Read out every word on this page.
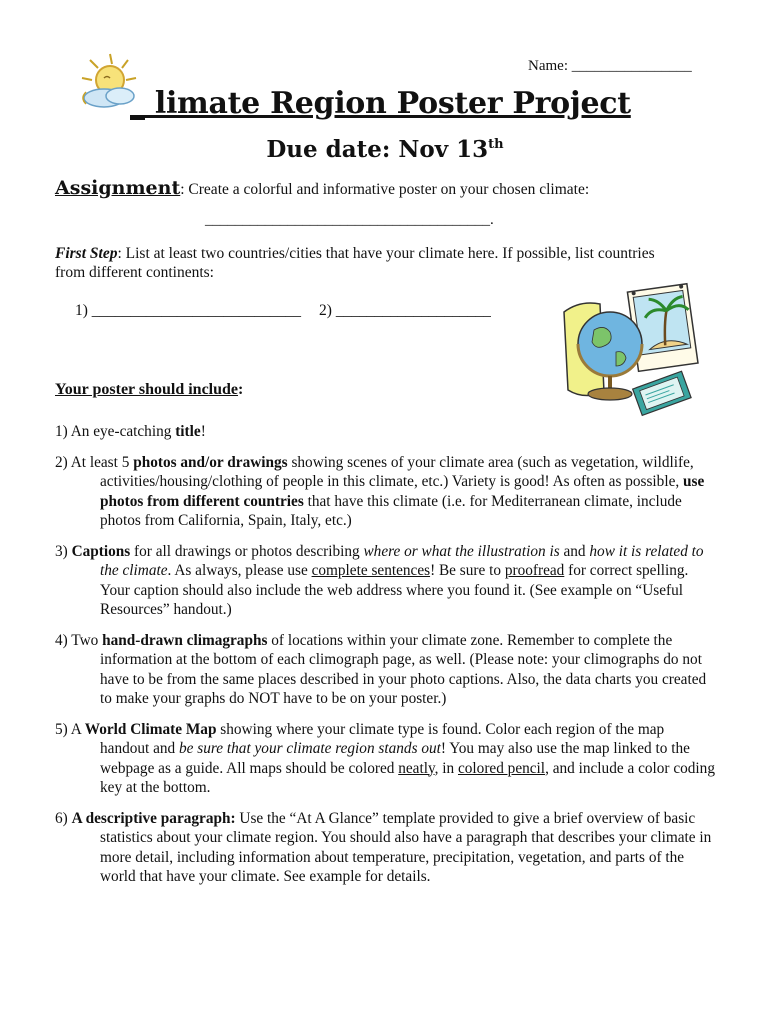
Name: ________________
_ limate Region Poster Project
Due date: Nov 13th
Assignment: Create a colorful and informative poster on your chosen climate:
______________________________________.
First Step: List at least two countries/cities that have your climate here. If possible, list countries from different continents:
1) ___________________________ 2) ____________________
Your poster should include:
1) An eye-catching title!
2) At least 5 photos and/or drawings showing scenes of your climate area (such as vegetation, wildlife, activities/housing/clothing of people in this climate, etc.) Variety is good! As often as possible, use photos from different countries that have this climate (i.e. for Mediterranean climate, include photos from California, Spain, Italy, etc.)
3) Captions for all drawings or photos describing where or what the illustration is and how it is related to the climate. As always, please use complete sentences! Be sure to proofread for correct spelling. Your caption should also include the web address where you found it. (See example on “Useful Resources” handout.)
4) Two hand-drawn climagraphs of locations within your climate zone. Remember to complete the information at the bottom of each climograph page, as well. (Please note: your climographs do not have to be from the same places described in your photo captions. Also, the data charts you created to make your graphs do NOT have to be on your poster.)
5) A World Climate Map showing where your climate type is found. Color each region of the map handout and be sure that your climate region stands out! You may also use the map linked to the webpage as a guide. All maps should be colored neatly, in colored pencil, and include a color coding key at the bottom.
6) A descriptive paragraph: Use the “At A Glance” template provided to give a brief overview of basic statistics about your climate region. You should also have a paragraph that describes your climate in more detail, including information about temperature, precipitation, vegetation, and parts of the world that have your climate. See example for details.
